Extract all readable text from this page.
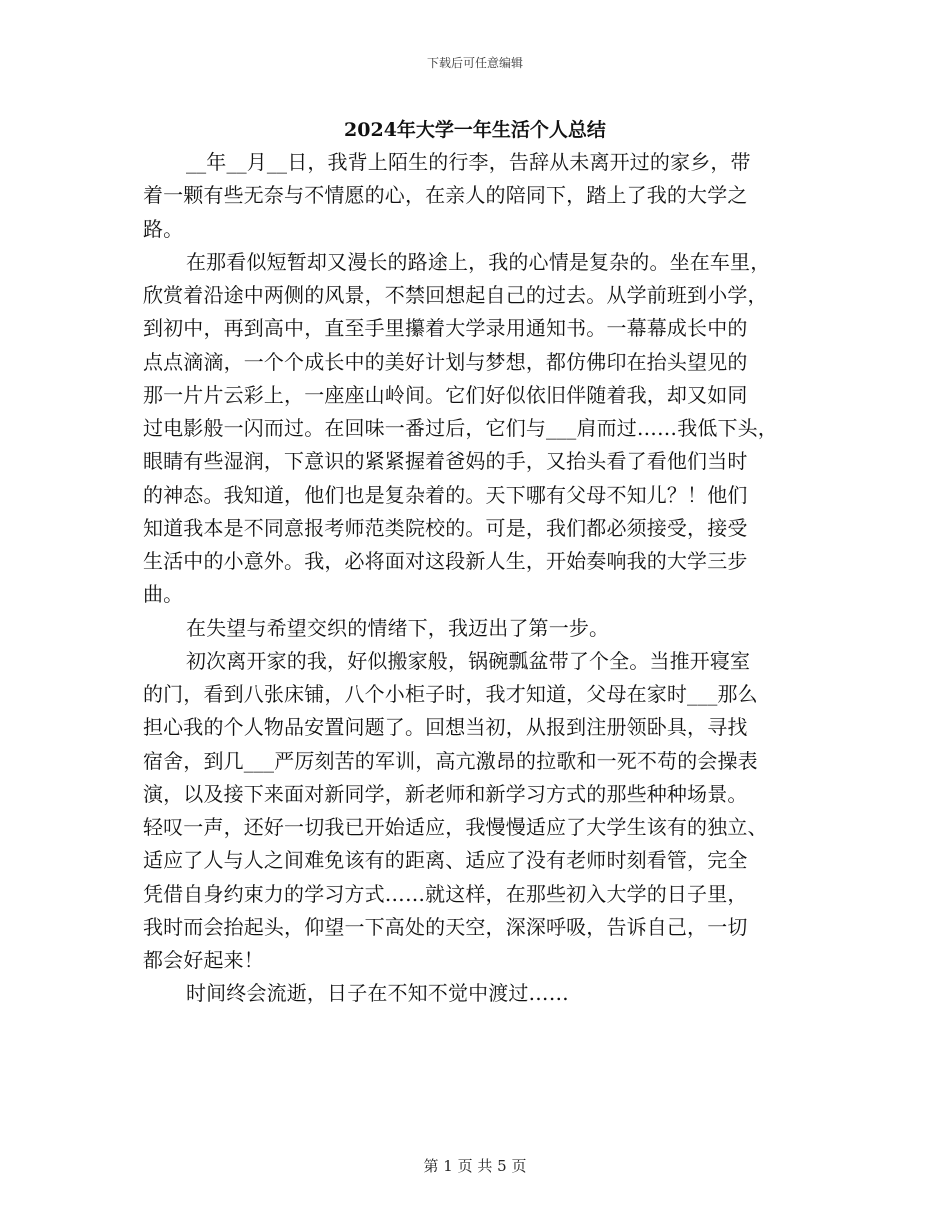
下载后可任意编辑
2024年大学一年生活个人总结
__年__月__日，我背上陌生的行李，告辞从未离开过的家乡，带
着一颗有些无奈与不情愿的心，在亲人的陪同下，踏上了我的大学之
路。
在那看似短暂却又漫长的路途上，我的心情是复杂的。坐在车里，
欣赏着沿途中两侧的风景，不禁回想起自己的过去。从学前班到小学，
到初中，再到高中，直至手里攥着大学录用通知书。一幕幕成长中的
点点滴滴，一个个成长中的美好计划与梦想，都仿佛印在抬头望见的
那一片片云彩上，一座座山岭间。它们好似依旧伴随着我，却又如同
过电影般一闪而过。在回味一番过后，它们与___肩而过……我低下头，
眼睛有些湿润，下意识的紧紧握着爸妈的手，又抬头看了看他们当时
的神态。我知道，他们也是复杂着的。天下哪有父母不知儿？！他们
知道我本是不同意报考师范类院校的。可是，我们都必须接受，接受
生活中的小意外。我，必将面对这段新人生，开始奏响我的大学三步
曲。
在失望与希望交织的情绪下，我迈出了第一步。
初次离开家的我，好似搬家般，锅碗瓢盆带了个全。当推开寝室
的门，看到八张床铺，八个小柜子时，我才知道，父母在家时___那么
担心我的个人物品安置问题了。回想当初，从报到注册领卧具，寻找
宿舍，到几___严厉刻苦的军训，高亢激昂的拉歌和一死不苟的会操表
演，以及接下来面对新同学，新老师和新学习方式的那些种种场景。
轻叹一声，还好一切我已开始适应，我慢慢适应了大学生该有的独立、
适应了人与人之间难免该有的距离、适应了没有老师时刻看管，完全
凭借自身约束力的学习方式……就这样，在那些初入大学的日子里，
我时而会抬起头，仰望一下高处的天空，深深呼吸，告诉自己，一切
都会好起来！
时间终会流逝，日子在不知不觉中渡过……
第 1 页 共 5 页
